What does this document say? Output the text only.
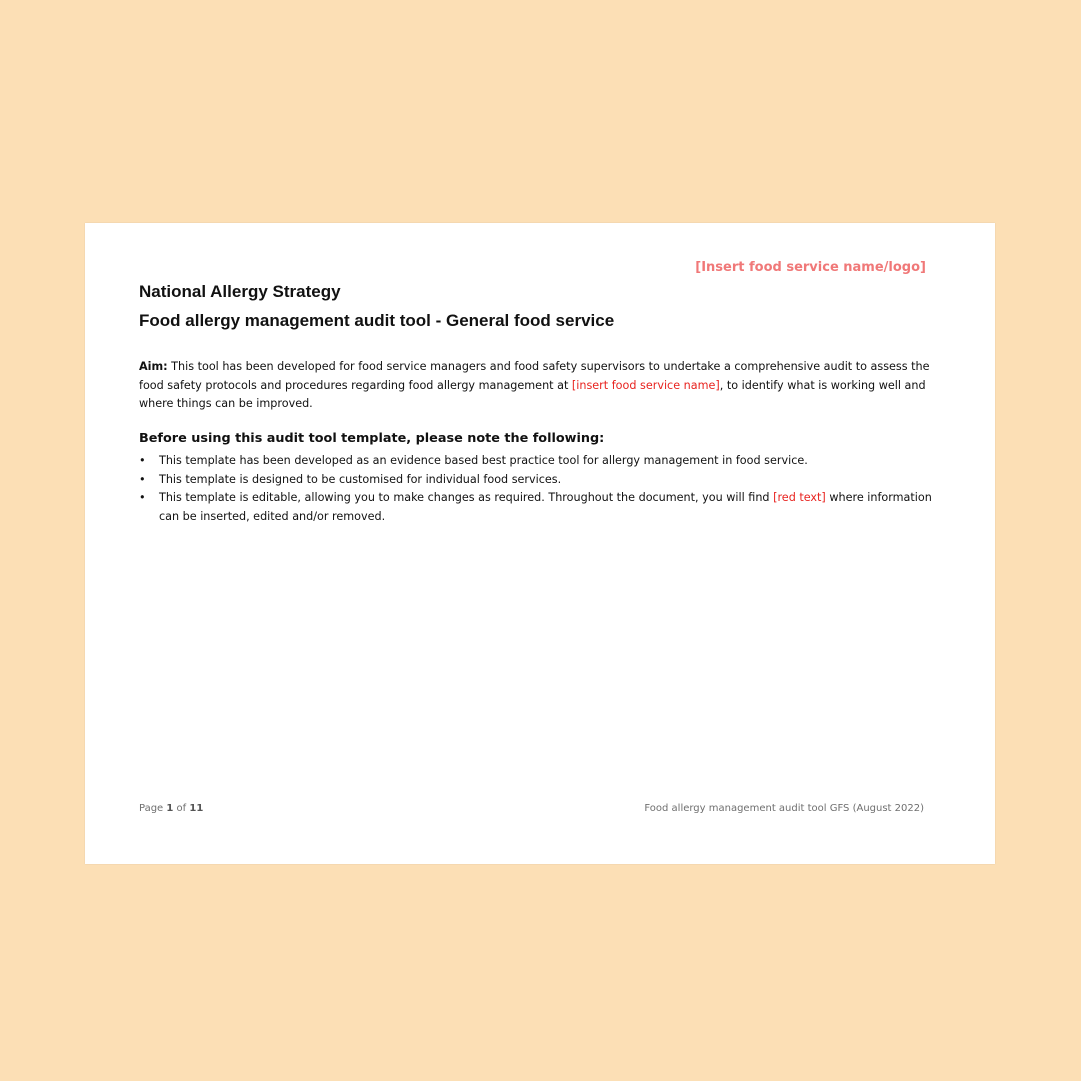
[Insert food service name/logo]
National Allergy Strategy
Food allergy management audit tool - General food service
Aim: This tool has been developed for food service managers and food safety supervisors to undertake a comprehensive audit to assess the food safety protocols and procedures regarding food allergy management at [insert food service name], to identify what is working well and where things can be improved.
Before using this audit tool template, please note the following:
•	This template has been developed as an evidence based best practice tool for allergy management in food service.
•	This template is designed to be customised for individual food services.
•	This template is editable, allowing you to make changes as required. Throughout the document, you will find [red text] where information can be inserted, edited and/or removed.
Page 1 of 11	Food allergy management audit tool GFS (August 2022)
